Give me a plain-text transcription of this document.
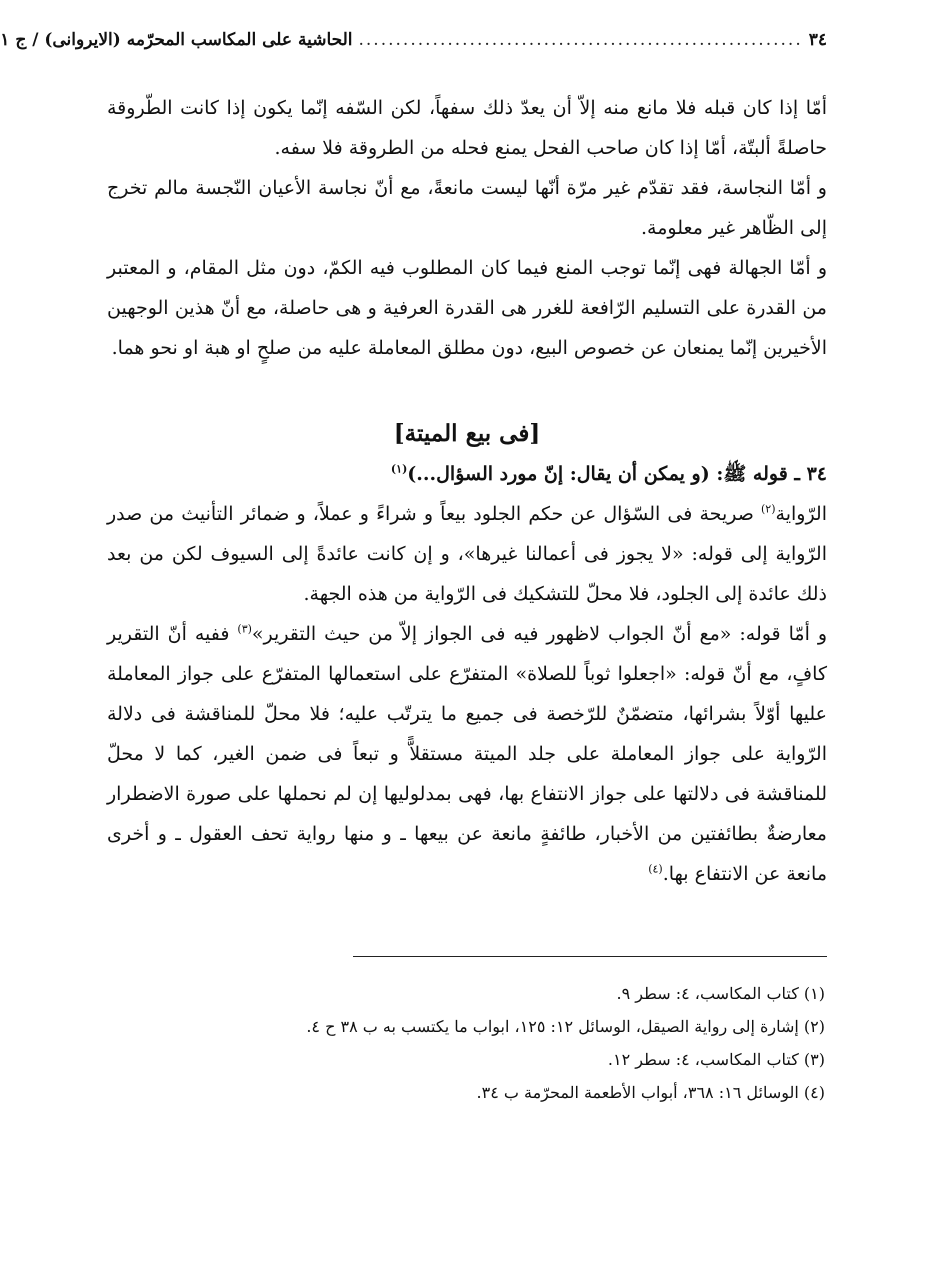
٣٤
............................................................
الحاشية على المكاسب المحرّمه (الايروانى) / ج ١

أمّا إذا كان قبله فلا مانع منه إلاّ أن يعدّ ذلك سفهاً، لكن السّفه إنّما يكون إذا كانت الطّروقة حاصلةً ألبتّة، أمّا إذا كان صاحب الفحل يمنع فحله من الطروقة فلا سفه.

و أمّا النجاسة، فقد تقدّم غير مرّة أنّها ليست مانعةً، مع أنّ نجاسة الأعيان النّجسة مالم تخرج إلى الظّاهر غير معلومة.

و أمّا الجهالة فهى إنّما توجب المنع فيما كان المطلوب فيه الكمّ، دون مثل المقام، و المعتبر من القدرة على التسليم الرّافعة للغرر هى القدرة العرفية و هى حاصلة، مع أنّ هذين الوجهين الأخيرين إنّما يمنعان عن خصوص البيع، دون مطلق المعاملة عليه من صلحٍ او هبة او نحو هما.

[فى بيع الميتة]
٣٤ ـ قوله ﷺ: (و يمكن أن يقال: إنّ مورد السؤال...)$^{(١)}$

الرّواية$^{(٢)}$ صريحة فى السّؤال عن حكم الجلود بيعاً و شراءً و عملاً، و ضمائر التأنيث من صدر الرّواية إلى قوله: «لا يجوز فى أعمالنا غيرها»، و إن كانت عائدةً إلى السيوف لكن من بعد ذلك عائدة إلى الجلود، فلا محلّ للتشكيك فى الرّواية من هذه الجهة.

و أمّا قوله: «مع أنّ الجواب لاظهور فيه فى الجواز إلاّ من حيث التقرير»$^{(٣)}$ ففيه أنّ التقرير كافٍ، مع أنّ قوله: «اجعلوا ثوباً للصلاة» المتفرّع على استعمالها المتفرّع على جواز المعاملة عليها أوّلاً بشرائها، متضمّنٌ للرّخصة فى جميع ما يترتّب عليه؛ فلا محلّ للمناقشة فى دلالة الرّواية على جواز المعاملة على جلد الميتة مستقلاًّ و تبعاً فى ضمن الغير، كما لا محلّ للمناقشة فى دلالتها على جواز الانتفاع بها، فهى بمدلوليها إن لم نحملها على صورة الاضطرار معارضةٌ بطائفتين من الأخبار، طائفةٍ مانعة عن بيعها ـ و منها رواية تحف العقول ـ و أخرى مانعة عن الانتفاع بها.$^{(٤)}$

(١) كتاب المكاسب، ٤: سطر ٩.
(٢) إشارة إلى رواية الصيقل، الوسائل ١٢: ١٢٥، ابواب ما يكتسب به ب ٣٨ ح ٤.
(٣) كتاب المكاسب، ٤: سطر ١٢.
(٤) الوسائل ١٦: ٣٦٨، أبواب الأطعمة المحرّمة ب ٣٤.
